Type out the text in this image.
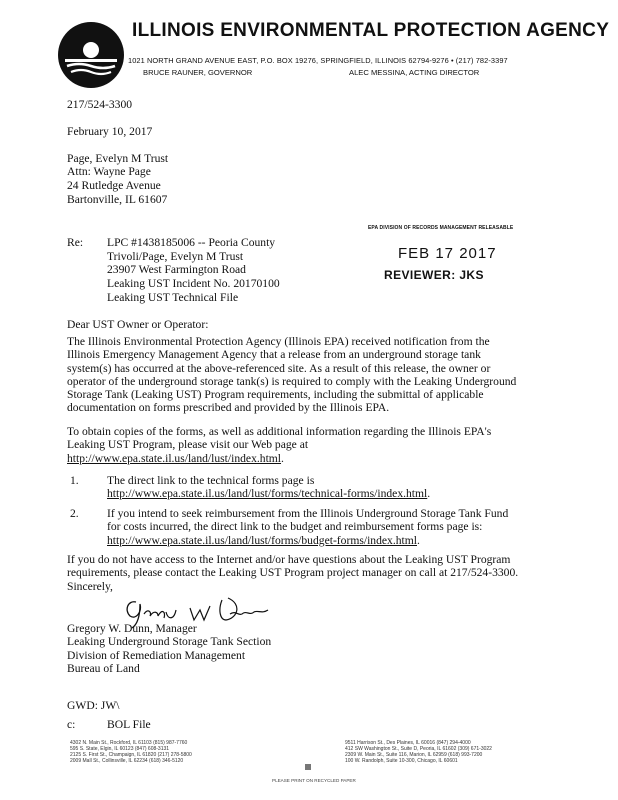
ILLINOIS ENVIRONMENTAL PROTECTION AGENCY
1021 NORTH GRAND AVENUE EAST, P.O. BOX 19276, SPRINGFIELD, ILLINOIS 62794-9276 • (217) 782-3397
BRUCE RAUNER, GOVERNOR	ALEC MESSINA, ACTING DIRECTOR
217/524-3300
February 10, 2017
Page, Evelyn M Trust
Attn: Wayne Page
24 Rutledge Avenue
Bartonville, IL 61607
Re: LPC #1438185006 -- Peoria County
Trivoli/Page, Evelyn M Trust
23907 West Farmington Road
Leaking UST Incident No. 20170100
Leaking UST Technical File
EPA DIVISION OF RECORDS MANAGEMENT RELEASABLE
FEB 17 2017
REVIEWER: JKS
Dear UST Owner or Operator:
The Illinois Environmental Protection Agency (Illinois EPA) received notification from the
Illinois Emergency Management Agency that a release from an underground storage tank
system(s) has occurred at the above-referenced site. As a result of this release, the owner or
operator of the underground storage tank(s) is required to comply with the Leaking Underground
Storage Tank (Leaking UST) Program requirements, including the submittal of applicable
documentation on forms prescribed and provided by the Illinois EPA.
To obtain copies of the forms, as well as additional information regarding the Illinois EPA's
Leaking UST Program, please visit our Web page at
http://www.epa.state.il.us/land/lust/index.html.
1. The direct link to the technical forms page is
http://www.epa.state.il.us/land/lust/forms/technical-forms/index.html.
2. If you intend to seek reimbursement from the Illinois Underground Storage Tank Fund
for costs incurred, the direct link to the budget and reimbursement forms page is:
http://www.epa.state.il.us/land/lust/forms/budget-forms/index.html.
If you do not have access to the Internet and/or have questions about the Leaking UST Program
requirements, please contact the Leaking UST Program project manager on call at 217/524-3300.
Sincerely,
Gregory W. Dunn, Manager
Leaking Underground Storage Tank Section
Division of Remediation Management
Bureau of Land
GWD: JW\
c:	BOL File
4302 N. Main St., Rockford, IL 61103 (815) 987-7760
595 S. State, Elgin, IL 60123 (847) 608-3131
2125 S. First St., Champaign, IL 61820 (217) 278-5800
2009 Mall St., Collinsville, IL 62234 (618) 346-5120
9511 Harrison St., Des Plaines, IL 60016 (847) 294-4000
412 SW Washington St., Suite D, Peoria, IL 61602 (309) 671-3022
2309 W. Main St., Suite 116, Marion, IL 62959 (618) 993-7200
100 W. Randolph, Suite 10-300, Chicago, IL 60601
PLEASE PRINT ON RECYCLED PAPER
